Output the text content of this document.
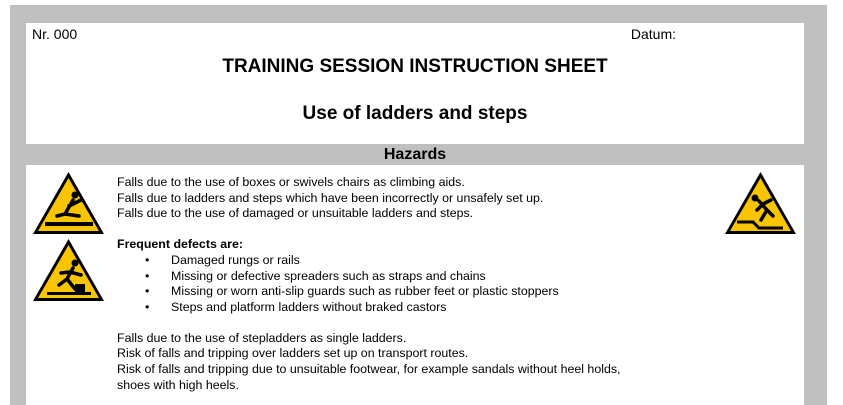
Nr. 000	Datum:
TRAINING SESSION INSTRUCTION SHEET
Use of ladders and steps
Hazards

Falls due to the use of boxes or swivels chairs as climbing aids.

Falls due to ladders and steps which have been incorrectly or unsafely set up.

Falls due to the use of damaged or unsuitable ladders and steps.

Frequent defects are:

• Damaged rungs or rails
• Missing or defective spreaders such as straps and chains
• Missing or worn anti-slip guards such as rubber feet or plastic stoppers
• Steps and platform ladders without braked castors

Falls due to the use of stepladders as single ladders.

Risk of falls and tripping over ladders set up on transport routes.

Risk of falls and tripping due to unsuitable footwear, for example sandals without heel holds,

shoes with high heels.
